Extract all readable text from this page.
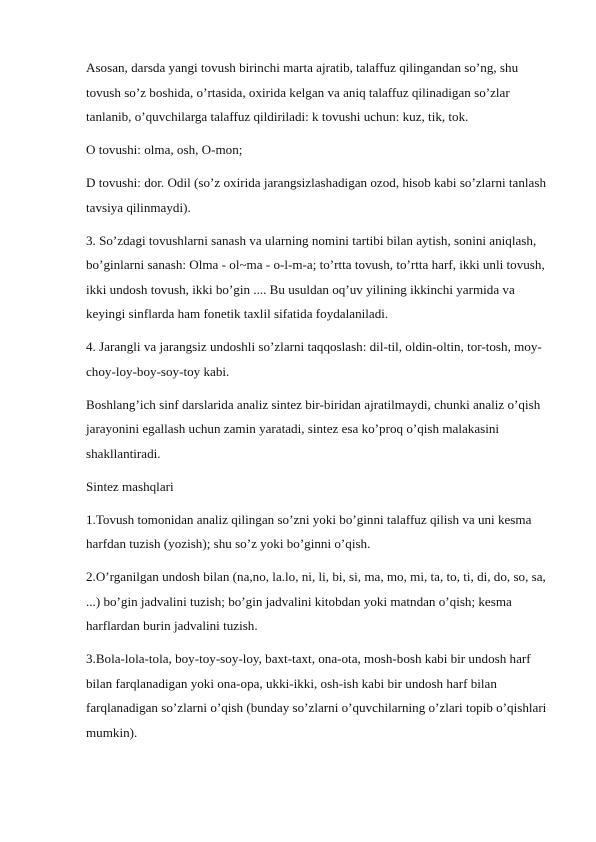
Asosan, darsda yangi tovush birinchi marta ajratib, talaffuz qilingandan so’ng, shu tovush so’z boshida, o’rtasida, oxirida kelgan va aniq talaffuz qilinadigan so’zlar tanlanib, o’quvchilarga talaffuz qildiriladi: k tovushi uchun: kuz, tik, tok.

O tovushi: olma, osh, O-mon;

D tovushi: dor. Odil (so’z oxirida jarangsizlashadigan ozod, hisob kabi so’zlarni tanlash tavsiya qilinmaydi).

3. So’zdagi tovushlarni sanash va ularning nomini tartibi bilan aytish, sonini aniqlash, bo’ginlarni sanash: Olma - ol~ma - o-l-m-a; to’rtta tovush, to’rtta harf, ikki unli tovush, ikki undosh tovush, ikki bo’gin .... Bu usuldan oq’uv yilining ikkinchi yarmida va keyingi sinflarda ham fonetik taxlil sifatida foydalaniladi.

4. Jarangli va jarangsiz undoshli so’zlarni taqqoslash: dil-til, oldin-oltin, tor-tosh, moy-choy-loy-boy-soy-toy kabi.

Boshlang’ich sinf darslarida analiz sintez bir-biridan ajratilmaydi, chunki analiz o’qish jarayonini egallash uchun zamin yaratadi, sintez esa ko’proq o’qish malakasini shakllantiradi.

Sintez mashqlari

1.Tovush tomonidan analiz qilingan so’zni yoki bo’ginni talaffuz qilish va uni kesma harfdan tuzish (yozish); shu so’z yoki bo’ginni o’qish.

2.O’rganilgan undosh bilan (na,no, la.lo, ni, li, bi, si, ma, mo, mi, ta, to, ti, di, do, so, sa, ...) bo’gin jadvalini tuzish; bo’gin jadvalini kitobdan yoki matndan o’qish; kesma harflardan burin jadvalini tuzish.

3.Bola-lola-tola, boy-toy-soy-loy, baxt-taxt, ona-ota, mosh-bosh kabi bir undosh harf bilan farqlanadigan yoki ona-opa, ukki-ikki, osh-ish kabi bir undosh harf bilan farqlanadigan so’zlarni o’qish (bunday so’zlarni o’quvchilarning o’zlari topib o’qishlari mumkin).
